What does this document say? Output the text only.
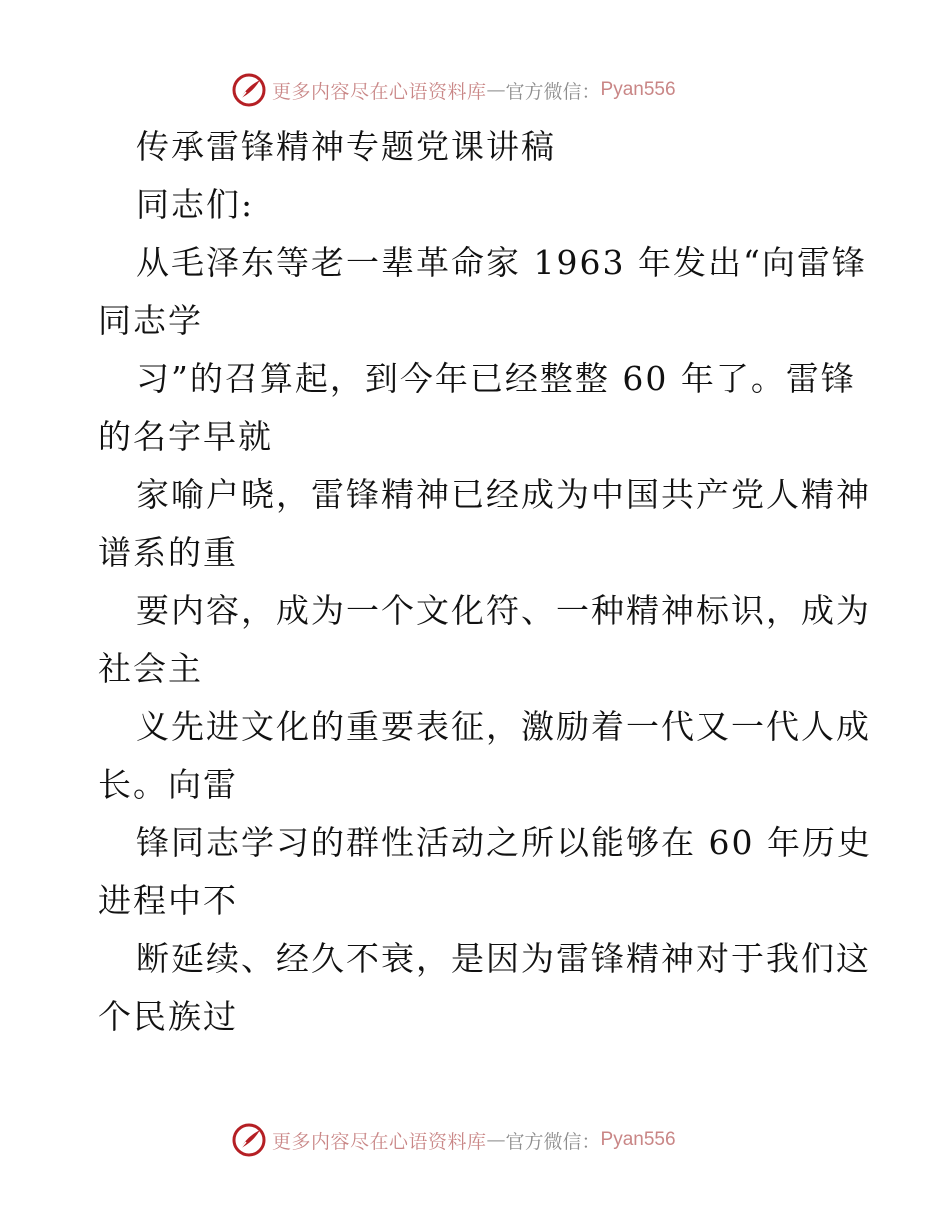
更多内容尽在心语资料库 — 官方微信： Pyan556

传承雷锋精神专题党课讲稿

同志们:

从毛泽东等老一辈革命家 1963 年发出“向雷锋

同志学

习”的召算起，到今年已经整整 60 年了。雷锋

的名字早就

家喻户晓，雷锋精神已经成为中国共产党人精神

谱系的重

要内容，成为一个文化符、一种精神标识，成为

社会主

义先进文化的重要表征，激励着一代又一代人成

长。向雷

锋同志学习的群性活动之所以能够在 60 年历史

进程中不

断延续、经久不衰，是因为雷锋精神对于我们这

个民族过

更多内容尽在心语资料库 — 官方微信： Pyan556
